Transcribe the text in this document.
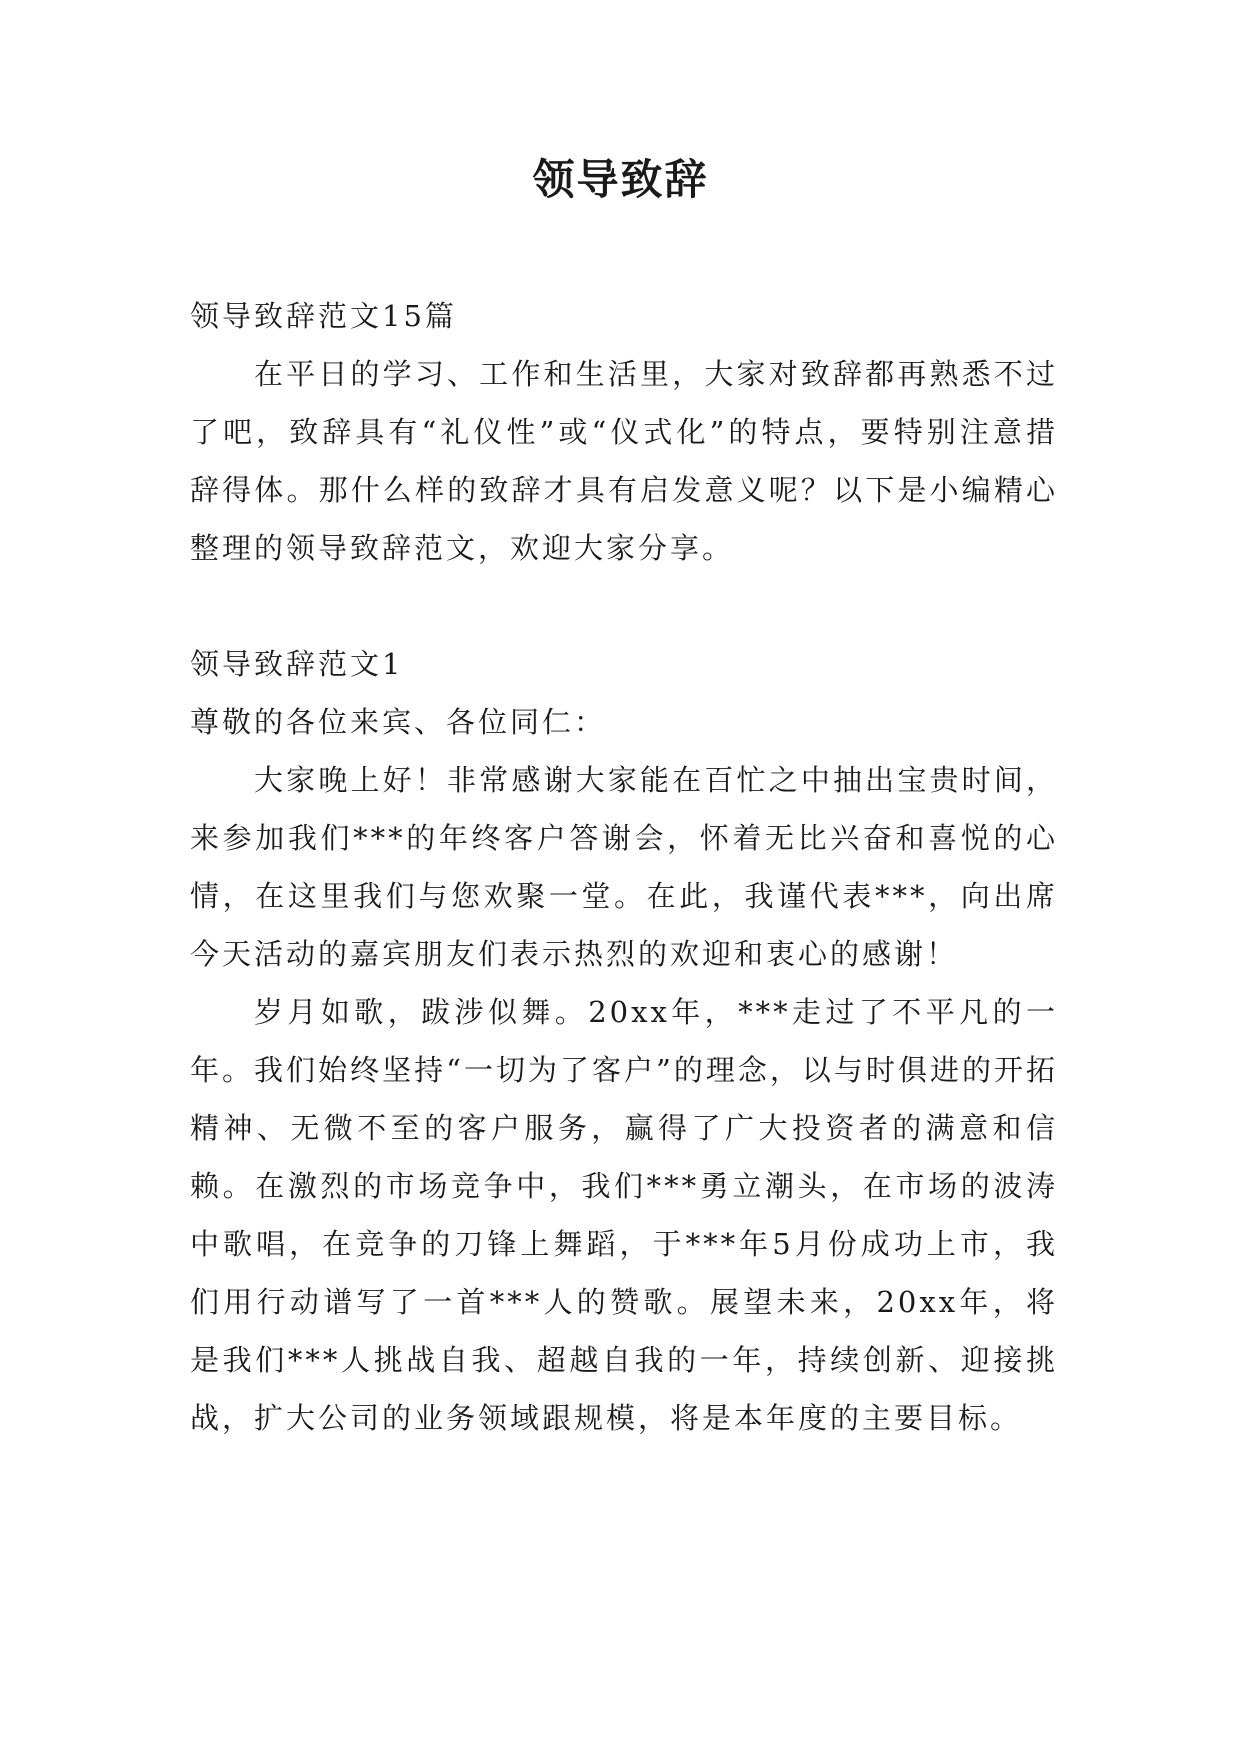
领导致辞

领导致辞范文15篇

在平日的学习、工作和生活里，大家对致辞都再熟悉不过了吧，致辞具有“礼仪性”或“仪式化”的特点，要特别注意措辞得体。那什么样的致辞才具有启发意义呢？以下是小编精心整理的领导致辞范文，欢迎大家分享。

领导致辞范文1

尊敬的各位来宾、各位同仁：

大家晚上好！非常感谢大家能在百忙之中抽出宝贵时间，来参加我们***的年终客户答谢会，怀着无比兴奋和喜悦的心情，在这里我们与您欢聚一堂。在此，我谨代表***，向出席今天活动的嘉宾朋友们表示热烈的欢迎和衷心的感谢！

岁月如歌，跋涉似舞。20xx年，***走过了不平凡的一年。我们始终坚持“一切为了客户”的理念，以与时俱进的开拓精神、无微不至的客户服务，赢得了广大投资者的满意和信赖。在激烈的市场竞争中，我们***勇立潮头，在市场的波涛中歌唱，在竞争的刀锋上舞蹈，于***年5月份成功上市，我们用行动谱写了一首***人的赞歌。展望未来，20xx年，将是我们***人挑战自我、超越自我的一年，持续创新、迎接挑战，扩大公司的业务领域跟规模，将是本年度的主要目标。
